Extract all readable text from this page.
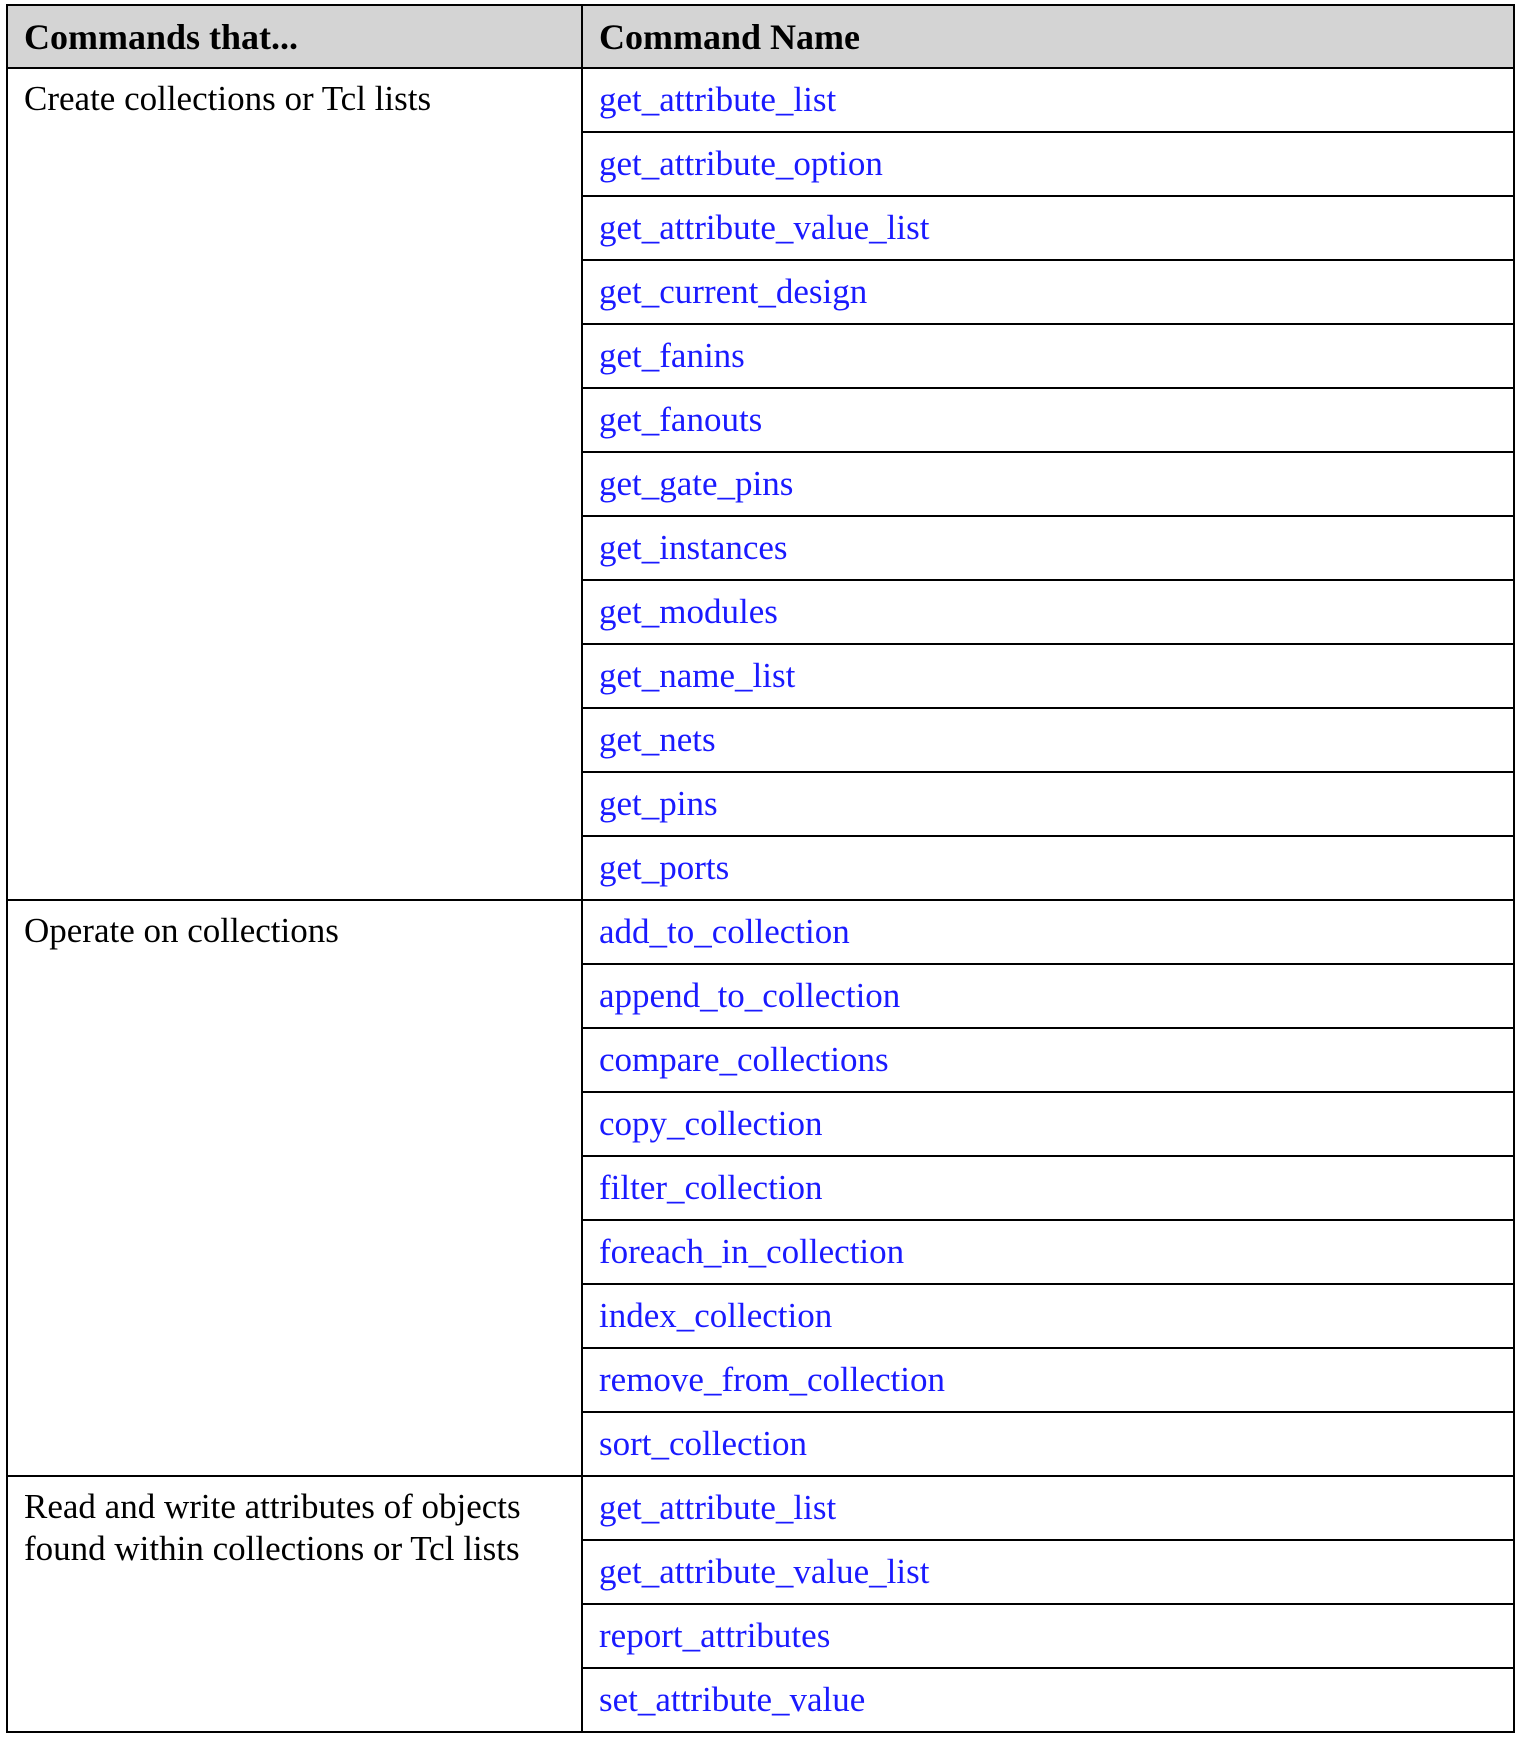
Commands that...	Command Name
Create collections or Tcl lists	get_attribute_list
	get_attribute_option
	get_attribute_value_list
	get_current_design
	get_fanins
	get_fanouts
	get_gate_pins
	get_instances
	get_modules
	get_name_list
	get_nets
	get_pins
	get_ports
Operate on collections	add_to_collection
	append_to_collection
	compare_collections
	copy_collection
	filter_collection
	foreach_in_collection
	index_collection
	remove_from_collection
	sort_collection
Read and write attributes of objects found within collections or Tcl lists	get_attribute_list
	get_attribute_value_list
	report_attributes
	set_attribute_value
